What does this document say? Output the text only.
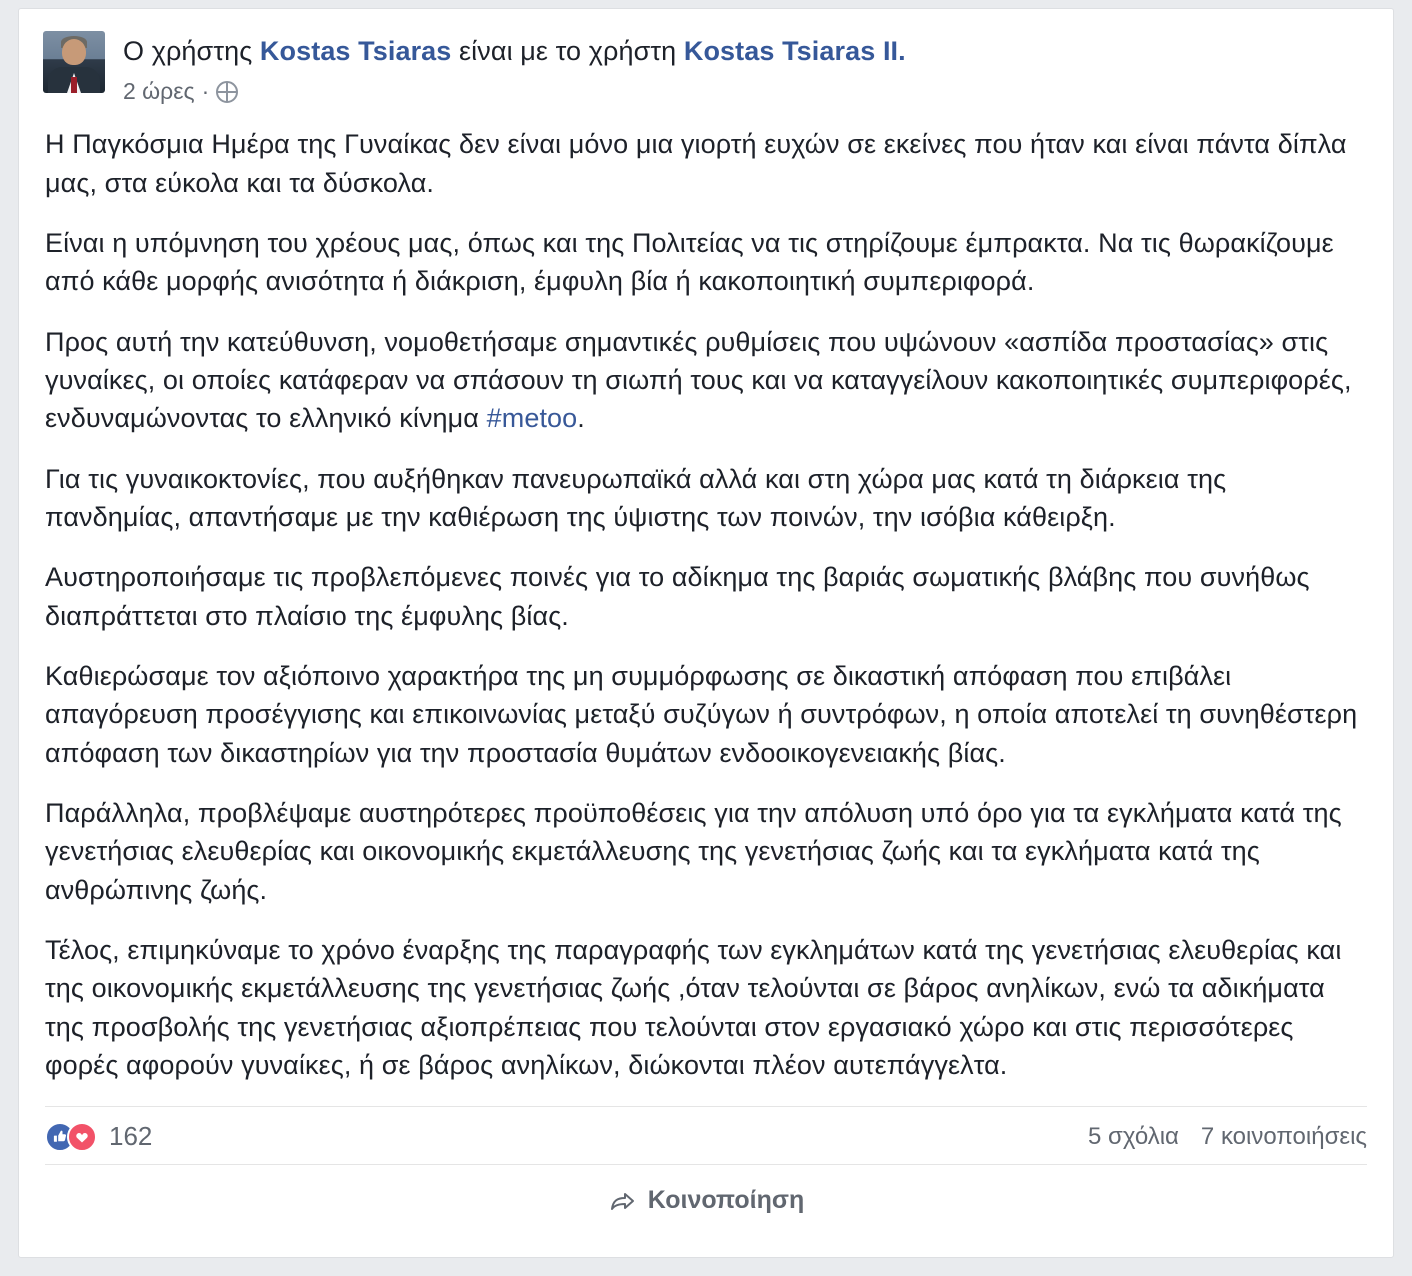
Ο χρήστης Kostas Tsiaras είναι με το χρήστη Kostas Tsiaras II.
2 ώρες ·

Η Παγκόσμια Ημέρα της Γυναίκας δεν είναι μόνο μια γιορτή ευχών σε εκείνες που ήταν και είναι πάντα δίπλα μας, στα εύκολα και τα δύσκολα.

Είναι η υπόμνηση του χρέους μας, όπως και της Πολιτείας να τις στηρίζουμε έμπρακτα. Να τις θωρακίζουμε από κάθε μορφής ανισότητα ή διάκριση, έμφυλη βία ή κακοποιητική συμπεριφορά.

Προς αυτή την κατεύθυνση, νομοθετήσαμε σημαντικές ρυθμίσεις που υψώνουν «ασπίδα προστασίας» στις γυναίκες, οι οποίες κατάφεραν να σπάσουν τη σιωπή τους και να καταγγείλουν κακοποιητικές συμπεριφορές, ενδυναμώνοντας το ελληνικό κίνημα #metoo.

Για τις γυναικοκτονίες, που αυξήθηκαν πανευρωπαϊκά αλλά και στη χώρα μας κατά τη διάρκεια της πανδημίας, απαντήσαμε με την καθιέρωση της ύψιστης των ποινών, την ισόβια κάθειρξη.

Αυστηροποιήσαμε τις προβλεπόμενες ποινές για το αδίκημα της βαριάς σωματικής βλάβης που συνήθως διαπράττεται στο πλαίσιο της έμφυλης βίας.

Καθιερώσαμε τον αξιόποινο χαρακτήρα της μη συμμόρφωσης σε δικαστική απόφαση που επιβάλει απαγόρευση προσέγγισης και επικοινωνίας μεταξύ συζύγων ή συντρόφων, η οποία αποτελεί τη συνηθέστερη απόφαση των δικαστηρίων για την προστασία θυμάτων ενδοοικογενειακής βίας.

Παράλληλα, προβλέψαμε αυστηρότερες προϋποθέσεις για την απόλυση υπό όρο για τα εγκλήματα κατά της γενετήσιας ελευθερίας και οικονομικής εκμετάλλευσης της γενετήσιας ζωής και τα εγκλήματα κατά της ανθρώπινης ζωής.

Τέλος, επιμηκύναμε το χρόνο έναρξης της παραγραφής των εγκλημάτων κατά της γενετήσιας ελευθερίας και της οικονομικής εκμετάλλευσης της γενετήσιας ζωής ,όταν τελούνται σε βάρος ανηλίκων, ενώ τα αδικήματα της προσβολής της γενετήσιας αξιοπρέπειας που τελούνται στον εργασιακό χώρο και στις περισσότερες φορές αφορούν γυναίκες, ή σε βάρος ανηλίκων, διώκονται πλέον αυτεπάγγελτα.

162	5 σχόλια 7 κοινοποιήσεις
Κοινοποίηση
